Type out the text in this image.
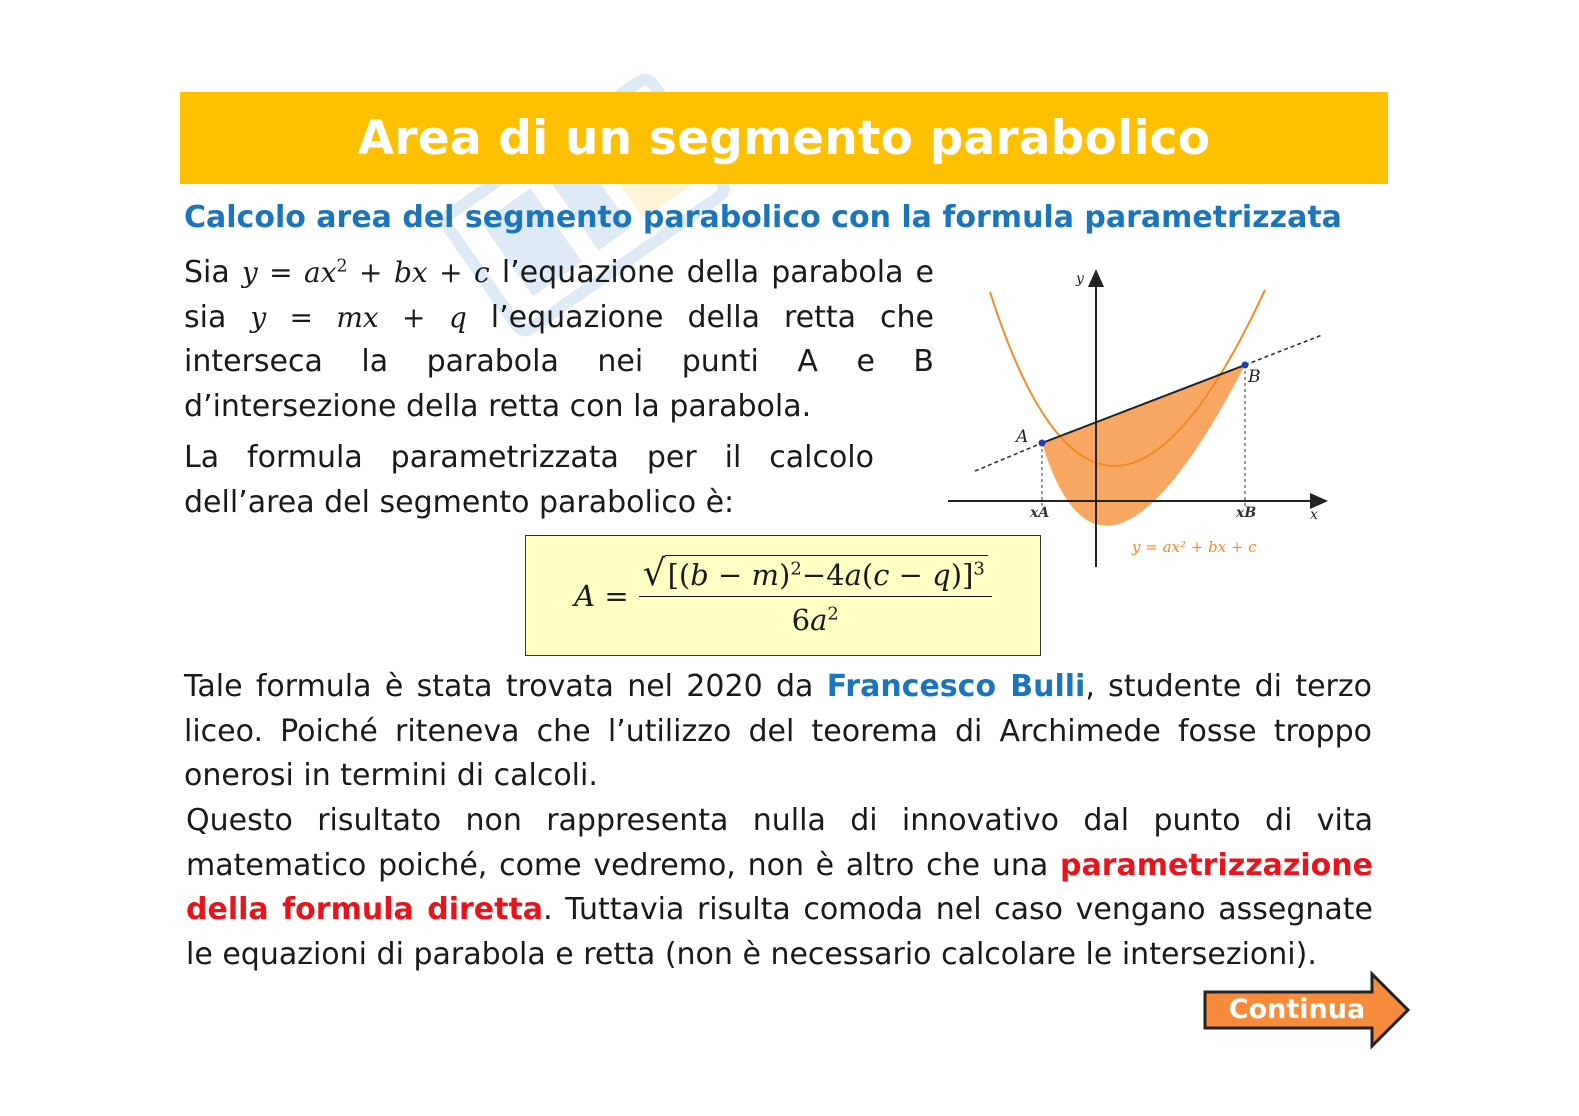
Area di un segmento parabolico
Calcolo area del segmento parabolico con la formula parametrizzata

Sia $y = ax^2$ + bx + c l’equazione della parabola e sia y = mx + q l’equazione della retta che interseca la parabola nei punti A e B d’intersezione della retta con la parabola.

La formula parametrizzata per il calcolo dell’area del segmento parabolico è:

$A = \frac{√ [(b - m)^2-4a(c - q)]^3}{6a^2}$
y
x
A
B
xA	xB
y = ax² + bx + c

Tale formula è stata trovata nel 2020 da Francesco Bulli, studente di terzo liceo. Poiché riteneva che l’utilizzo del teorema di Archimede fosse troppo onerosi in termini di calcoli.

Questo risultato non rappresenta nulla di innovativo dal punto di vita matematico poiché, come vedremo, non è altro che una parametrizzazione della formula diretta. Tuttavia risulta comoda nel caso vengano assegnate le equazioni di parabola e retta (non è necessario calcolare le intersezioni).

Continua
